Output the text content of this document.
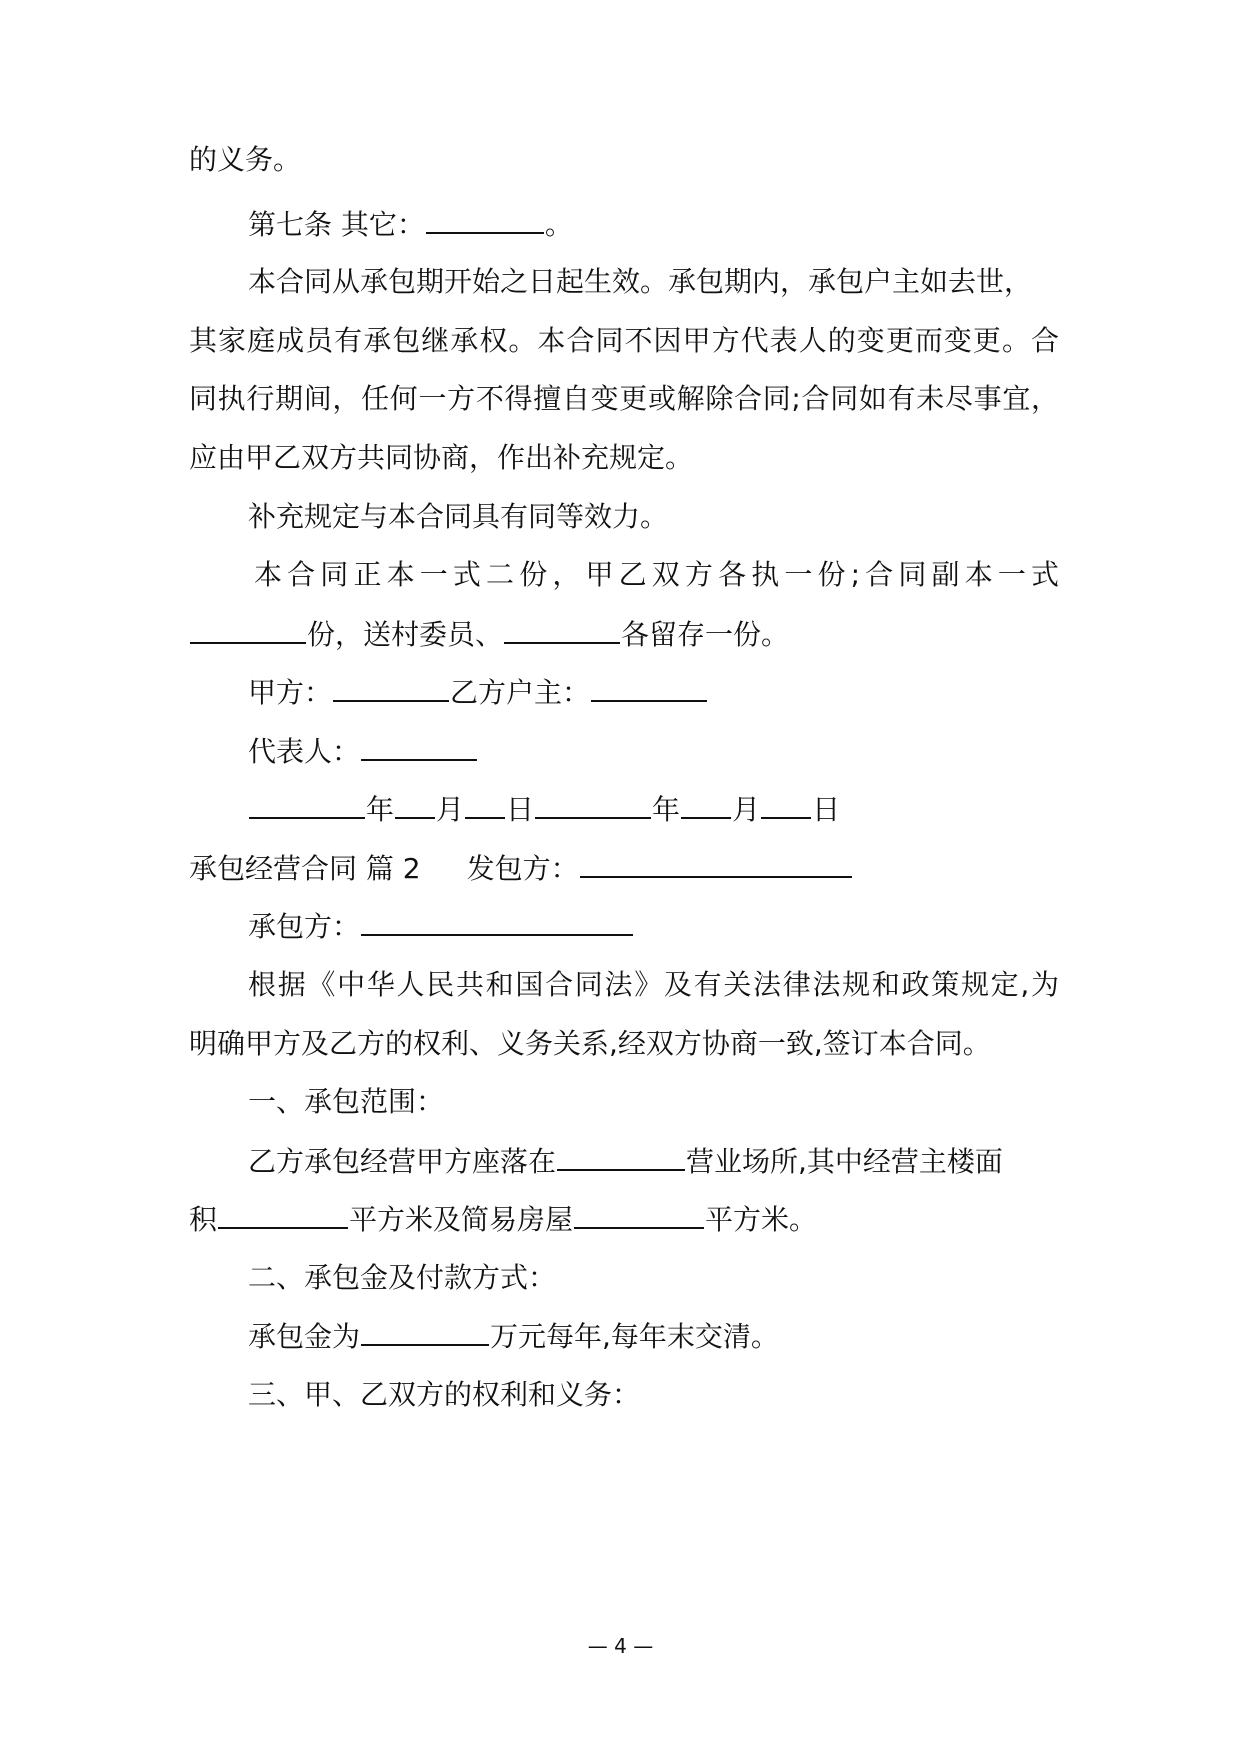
的义务。
第七条 其它：	。
本合同从承包期开始之日起生效。承包期内，承包户主如去世，
其家庭成员有承包继承权。本合同不因甲方代表人的变更而变更。合
同执行期间，任何一方不得擅自变更或解除合同;合同如有未尽事宜，
应由甲乙双方共同协商，作出补充规定。
补充规定与本合同具有同等效力。
本合同正本一式二份，甲乙双方各执一份;合同副本一式
份，送村委员、	各留存一份。
甲方：	乙方户主：
代表人：
年 月 日	年 月 日
承包经营合同 篇 2 发包方：
承包方：
根据《中华人民共和国合同法》及有关法律法规和政策规定,为
明确甲方及乙方的权利、义务关系,经双方协商一致,签订本合同。
一、承包范围：
乙方承包经营甲方座落在	营业场所,其中经营主楼面
积	平方米及简易房屋	平方米。
二、承包金及付款方式：
承包金为	万元每年,每年末交清。
三、甲、乙双方的权利和义务：
— 4 —
